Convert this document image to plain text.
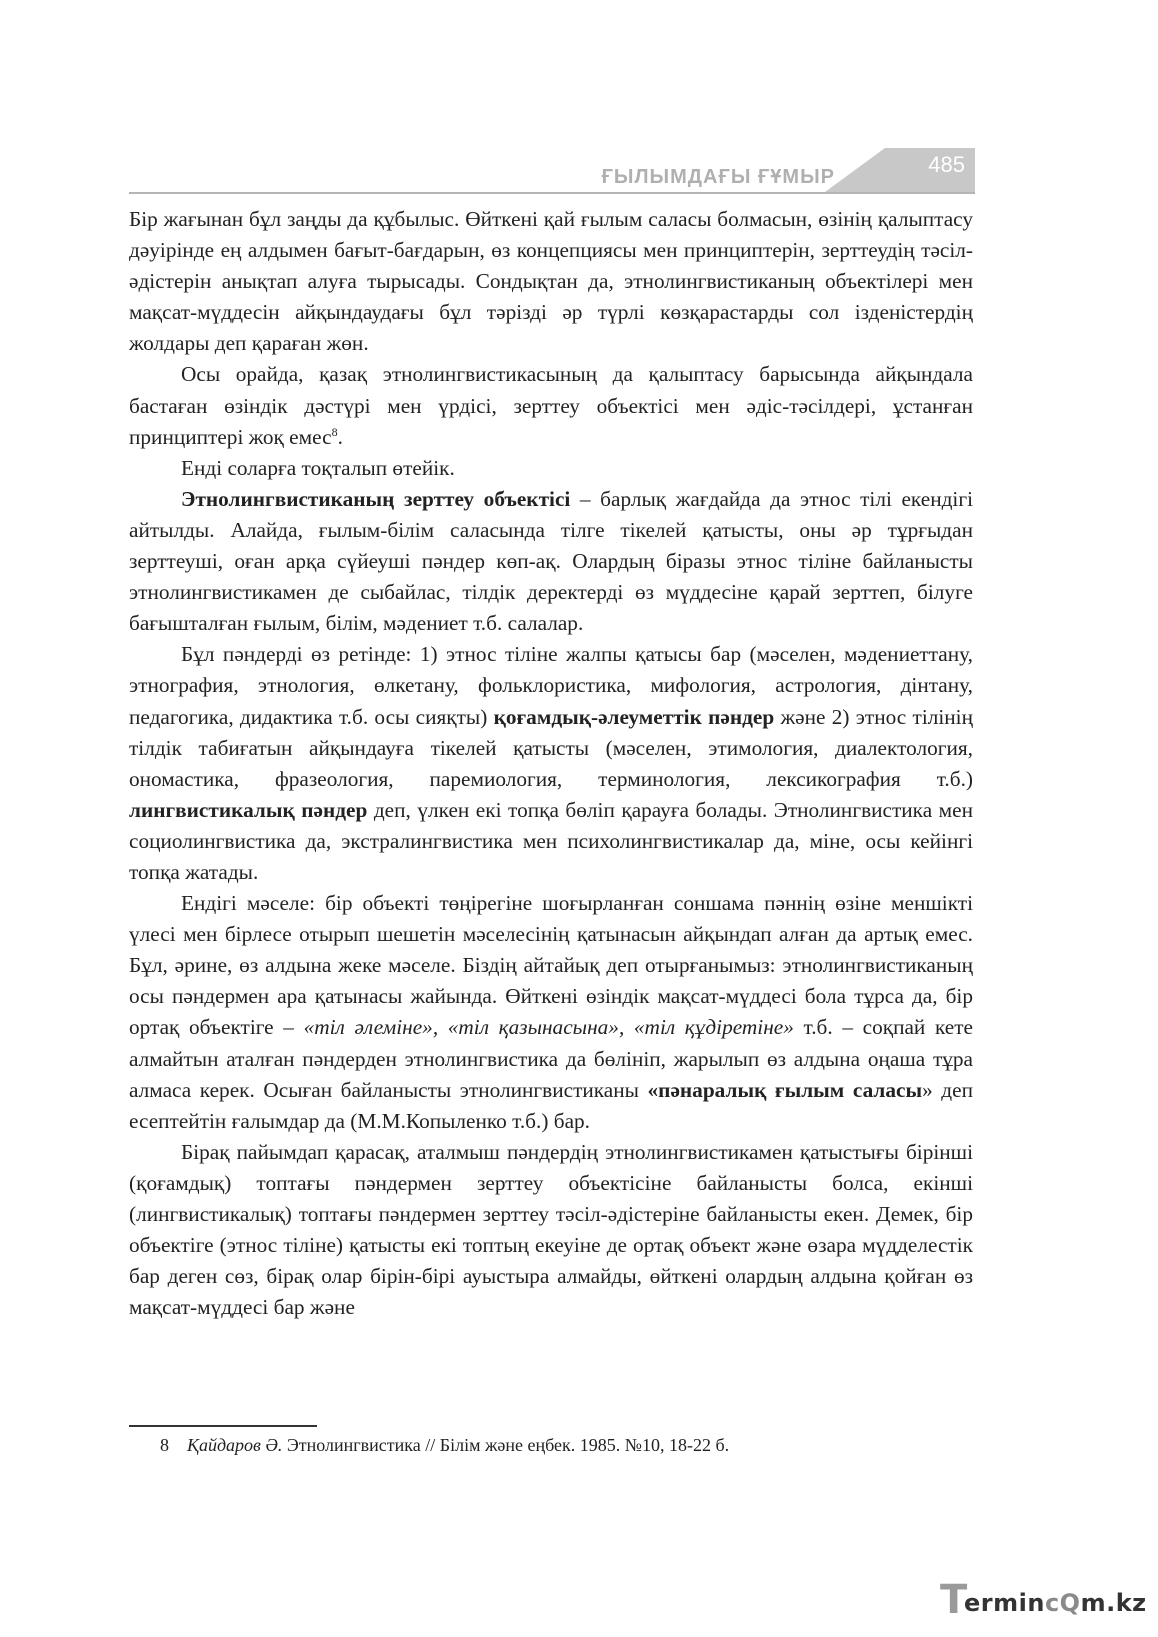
ҒЫЛЫМДАҒЫ ҒҰМЫР	485

Бір жағынан бұл заңды да құбылыс. Өйткені қай ғылым саласы болмасын, өзінің қалыптасу дәуірінде ең алдымен бағыт-бағдарын, өз концепциясы мен принциптерін, зерттеудің тәсіл-әдістерін анықтап алуға тырысады. Сондықтан да, этнолингвистиканың объектілері мен мақсат-мүддесін айқындаудағы бұл тәрізді әр түрлі көзқарастарды сол ізденістердің жолдары деп қараған жөн.

Осы орайда, қазақ этнолингвистикасының да қалыптасу барысында айқындала бастаған өзіндік дәстүрі мен үрдісі, зерттеу объектісі мен әдіс-тәсілдері, ұстанған принциптері жоқ емес$^8$.

Енді соларға тоқталып өтейік.

Этнолингвистиканың зерттеу объектісі – барлық жағдайда да этнос тілі екендігі айтылды. Алайда, ғылым-білім саласында тілге тікелей қатысты, оны әр тұрғыдан зерттеуші, оған арқа сүйеуші пәндер көп-ақ. Олардың біразы этнос тіліне байланысты этнолингвистикамен де сыбайлас, тілдік деректерді өз мүддесіне қарай зерттеп, білуге бағышталған ғылым, білім, мәдениет т.б. салалар.

Бұл пәндерді өз ретінде: 1) этнос тіліне жалпы қатысы бар (мәселен, мәдениеттану, этнография, этнология, өлкетану, фольклористика, мифология, астрология, дінтану, педагогика, дидактика т.б. осы сияқты) қоғамдық-әлеуметтік пәндер және 2) этнос тілінің тілдік табиғатын айқындауға тікелей қатысты (мәселен, этимология, диалектология, ономастика, фразеология, паремиология, терминология, лексикография т.б.) лингвистикалық пәндер деп, үлкен екі топқа бөліп қарауға болады. Этнолингвистика мен социолингвистика да, экстралингвистика мен психолингвистикалар да, міне, осы кейінгі топқа жатады.

Ендігі мәселе: бір объекті төңірегіне шоғырланған соншама пәннің өзіне меншікті үлесі мен бірлесе отырып шешетін мәселесінің қатынасын айқындап алған да артық емес. Бұл, әрине, өз алдына жеке мәселе. Біздің айтайық деп отырғанымыз: этнолингвистиканың осы пәндермен ара қатынасы жайында. Өйткені өзіндік мақсат-мүддесі бола тұрса да, бір ортақ объектіге – «тіл әлеміне», «тіл қазынасына», «тіл құдіретіне» т.б. – соқпай кете алмайтын аталған пәндерден этнолингвистика да бөлініп, жарылып өз алдына оңаша тұра алмаса керек. Осыған байланысты этнолингвистиканы «пәнаралық ғылым саласы» деп есептейтін ғалымдар да (М.М.Копыленко т.б.) бар.

Бірақ пайымдап қарасақ, аталмыш пәндердің этнолингвистикамен қатыстығы бірінші (қоғамдық) топтағы пәндермен зерттеу объектісіне байланысты болса, екінші (лингвистикалық) топтағы пәндермен зерттеу тәсіл-әдістеріне байланысты екен. Демек, бір объектіге (этнос тіліне) қатысты екі топтың екеуіне де ортақ объект және өзара мүдделестік бар деген сөз, бірақ олар бірін-бірі ауыстыра алмайды, өйткені олардың алдына қойған өз мақсат-мүддесі бар және

8 Қайдаров Ә. Этнолингвистика // Білім және еңбек. 1985. №10, 18-22 б.
T
ermincQm.kz
